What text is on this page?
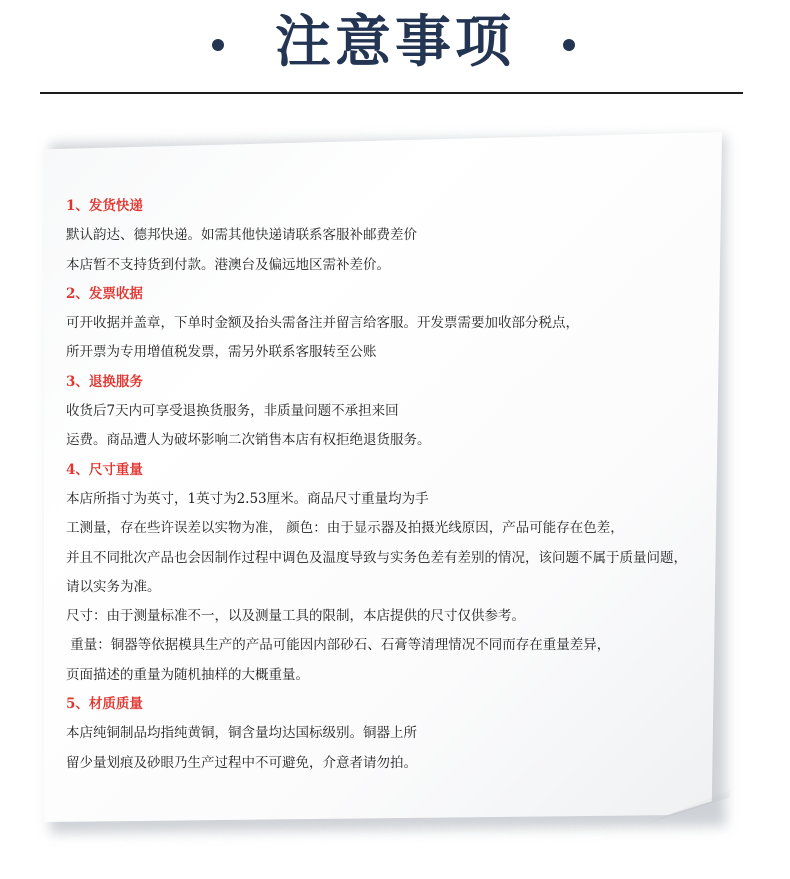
注意事项
1、发货快递
默认韵达、德邦快递。如需其他快递请联系客服补邮费差价
本店暂不支持货到付款。港澳台及偏远地区需补差价。
2、发票收据
可开收据并盖章，下单时金额及抬头需备注并留言给客服。开发票需要加收部分税点，
所开票为专用增值税发票，需另外联系客服转至公账
3、退换服务
收货后7天内可享受退换货服务，非质量问题不承担来回
运费。商品遭人为破坏影响二次销售本店有权拒绝退货服务。
4、尺寸重量
本店所指寸为英寸，1英寸为2.53厘米。商品尺寸重量均为手
工测量，存在些许误差以实物为准， 颜色：由于显示器及拍摄光线原因，产品可能存在色差，
并且不同批次产品也会因制作过程中调色及温度导致与实务色差有差别的情况，该问题不属于质量问题，
请以实务为准。
尺寸：由于测量标准不一，以及测量工具的限制，本店提供的尺寸仅供参考。
重量：铜器等依据模具生产的产品可能因内部砂石、石膏等清理情况不同而存在重量差异，
页面描述的重量为随机抽样的大概重量。
5、材质质量
本店纯铜制品均指纯黄铜，铜含量均达国标级别。铜器上所
留少量划痕及砂眼乃生产过程中不可避免，介意者请勿拍。
